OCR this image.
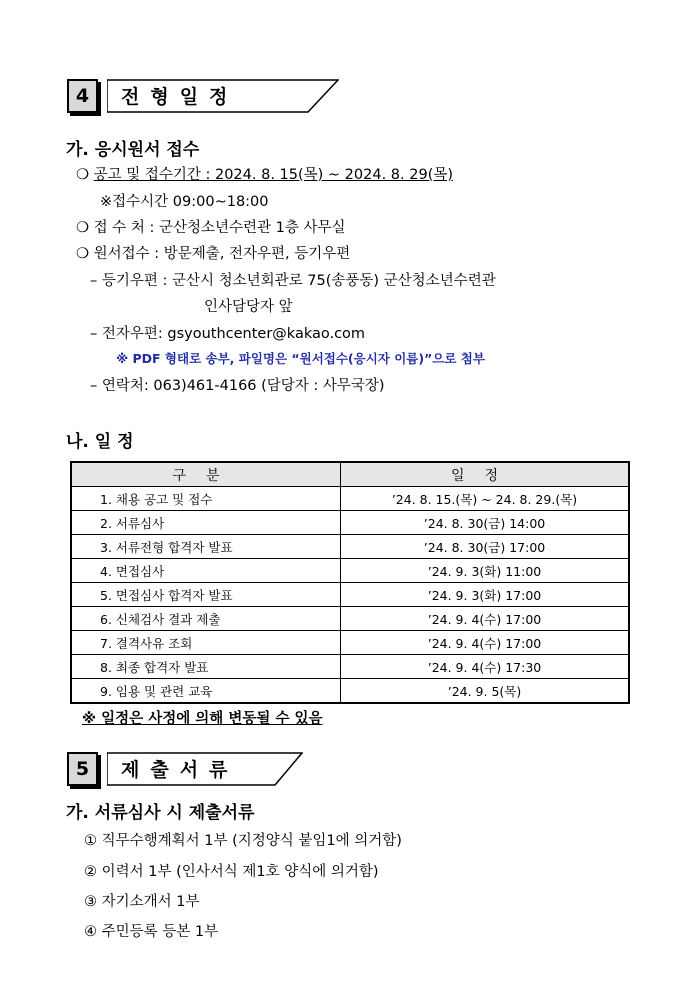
4	전형일정
가. 응시원서 접수
❍ 공고 및 접수기간 : 2024. 8. 15(목) ~ 2024. 8. 29(목)
※접수시간 09:00~18:00
❍ 접 수 처 : 군산청소년수련관 1층 사무실
❍ 원서접수 : 방문제출, 전자우편, 등기우편
– 등기우편 : 군산시 청소년회관로 75(송풍동) 군산청소년수련관
인사담당자 앞
– 전자우편: gsyouthcenter@kakao.com
※ PDF 형태로 송부, 파일명은 “원서접수(응시자 이름)”으로 첨부
– 연락처: 063)461-4166 (담당자 : 사무국장)
나. 일 정
구분	일정
1. 채용 공고 및 접수	’24. 8. 15.(목) ~ 24. 8. 29.(목)
2. 서류심사	’24. 8. 30(금) 14:00
3. 서류전형 합격자 발표	’24. 8. 30(금) 17:00
4. 면접심사	’24. 9. 3(화) 11:00
5. 면접심사 합격자 발표	’24. 9. 3(화) 17:00
6. 신체검사 결과 제출	’24. 9. 4(수) 17:00
7. 결격사유 조회	’24. 9. 4(수) 17:00
8. 최종 합격자 발표	’24. 9. 4(수) 17:30
9. 임용 및 관련 교육	’24. 9. 5(목)
※ 일정은 사정에 의해 변동될 수 있음
5	제출서류
가. 서류심사 시 제출서류
① 직무수행계획서 1부 (지정양식 붙임1에 의거함)
② 이력서 1부 (인사서식 제1호 양식에 의거함)
③ 자기소개서 1부
④ 주민등록 등본 1부
